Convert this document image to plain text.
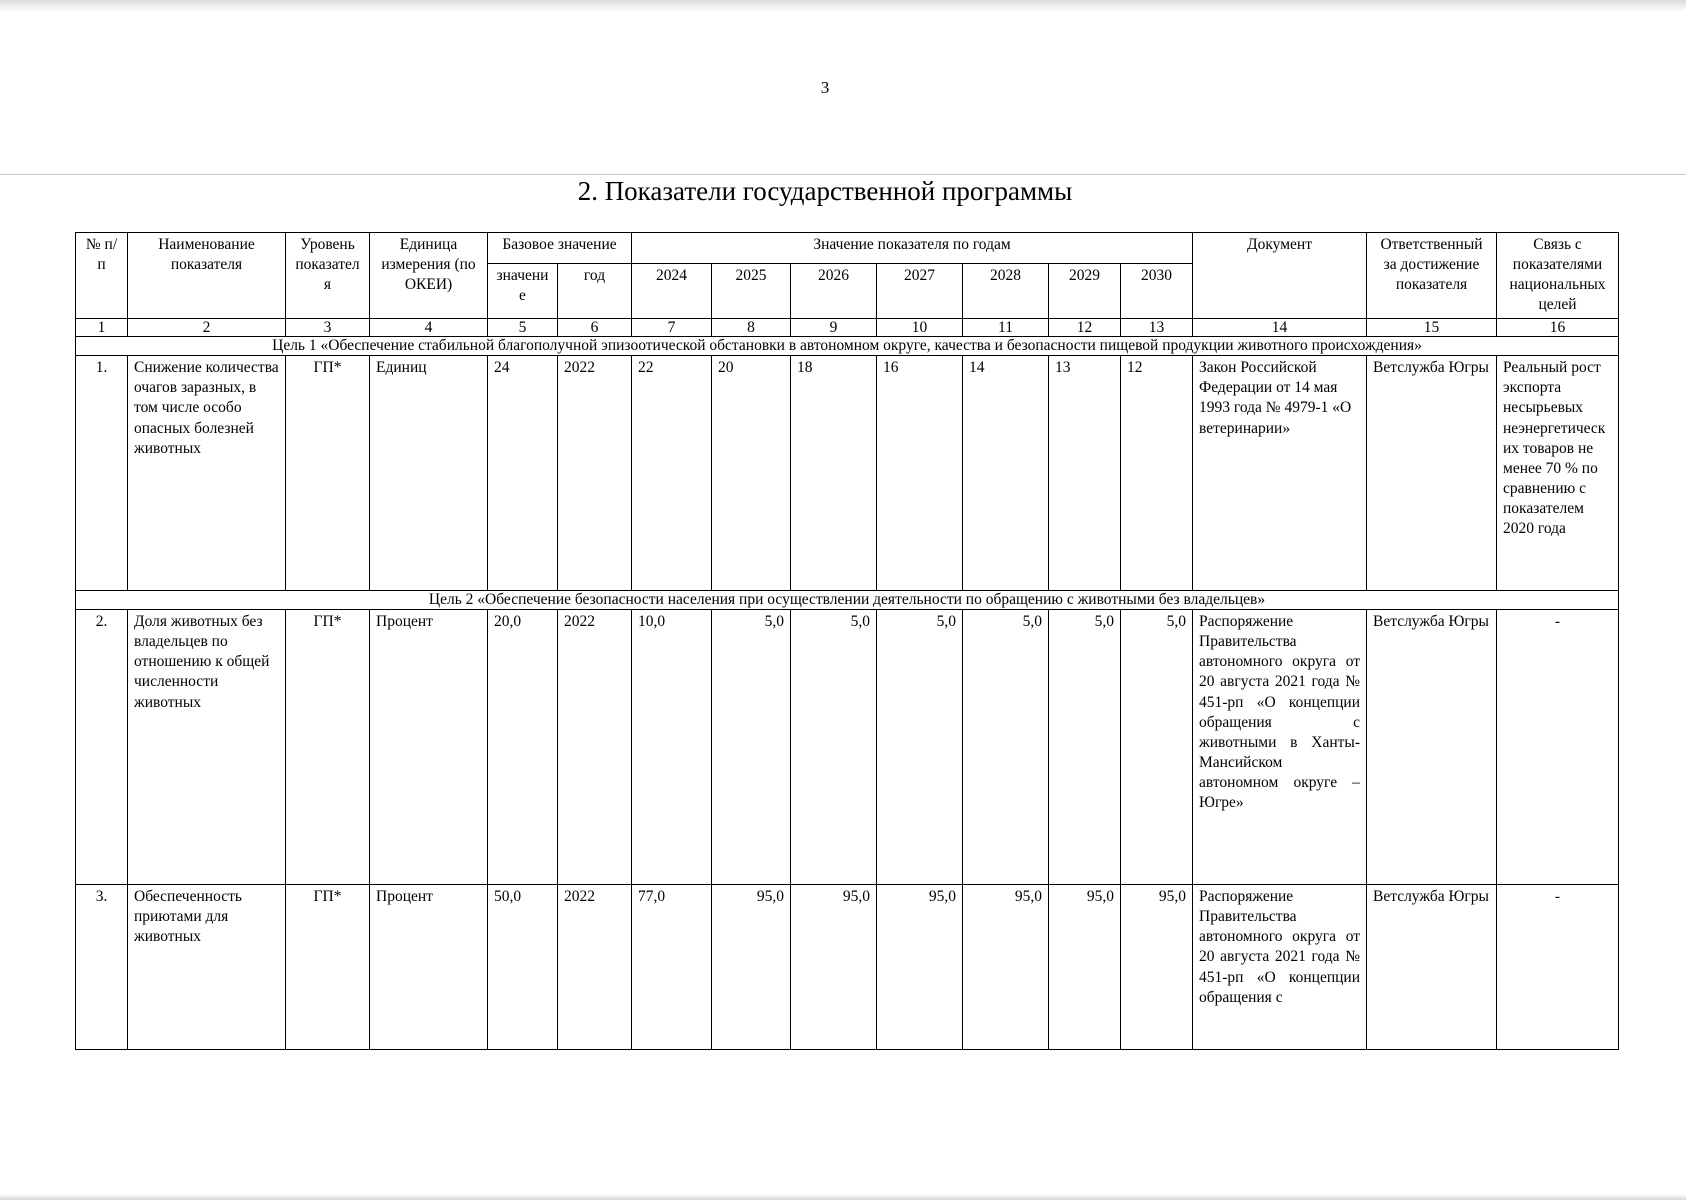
3
2. Показатели государственной программы
№ п/п	Наименование показателя	Уровень показателя	Единица измерения (по ОКЕИ)	Базовое значение		Значение показателя по годам							Документ	Ответственный за достижение показателя	Связь с показателями национальных целей
				значение	год	2024	2025	2026	2027	2028	2029	2030			
1	2	3	4	5	6	7	8	9	10	11	12	13	14	15	16
Цель 1 «Обеспечение стабильной благополучной эпизоотической обстановки в автономном округе, качества и безопасности пищевой продукции животного происхождения»															
1.	Снижение количества очагов заразных, в том числе особо опасных болезней животных	ГП*	Единиц	24	2022	22	20	18	16	14	13	12	Закон Российской Федерации от 14 мая 1993 года № 4979-1 «О ветеринарии»	Ветслужба Югры	Реальный рост экспорта несырьевых неэнергетических товаров не менее 70 % по сравнению с показателем 2020 года
Цель 2 «Обеспечение безопасности населения при осуществлении деятельности по обращению с животными без владельцев»															
2.	Доля животных без владельцев по отношению к общей численности животных	ГП*	Процент	20,0	2022	10,0	5,0	5,0	5,0	5,0	5,0	5,0	Распоряжение Правительства автономного округа от 20 августа 2021 года № 451-рп «О концепции обращения с животными в Ханты-Мансийском автономном округе – Югре»	Ветслужба Югры	-
3.	Обеспеченность приютами для животных	ГП*	Процент	50,0	2022	77,0	95,0	95,0	95,0	95,0	95,0	95,0	Распоряжение Правительства автономного округа от 20 августа 2021 года № 451-рп «О концепции обращения с	Ветслужба Югры	-
